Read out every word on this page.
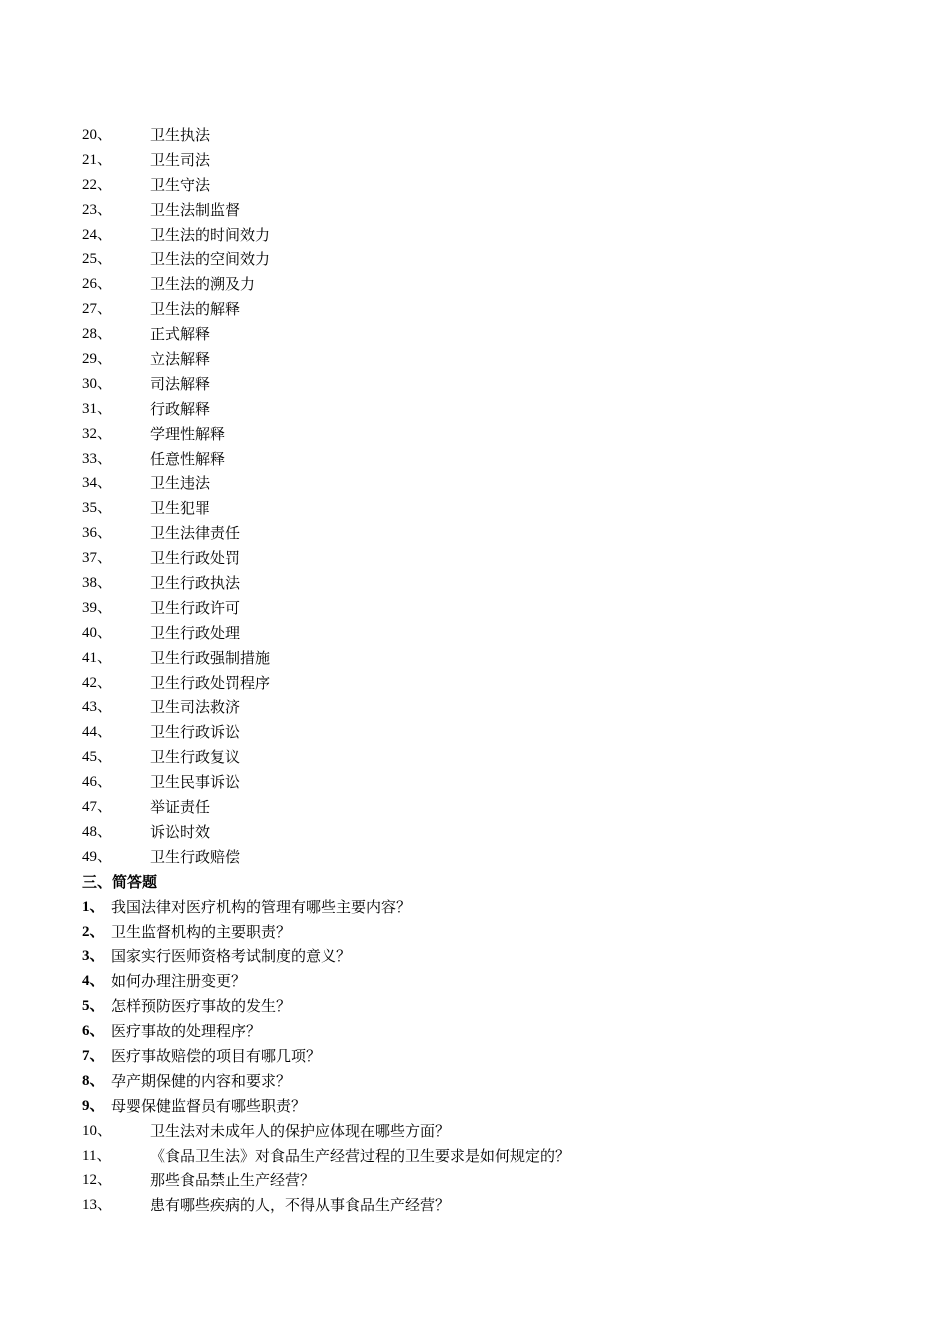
20、	卫生执法
21、	卫生司法
22、	卫生守法
23、	卫生法制监督
24、	卫生法的时间效力
25、	卫生法的空间效力
26、	卫生法的溯及力
27、	卫生法的解释
28、	正式解释
29、	立法解释
30、	司法解释
31、	行政解释
32、	学理性解释
33、	任意性解释
34、	卫生违法
35、	卫生犯罪
36、	卫生法律责任
37、	卫生行政处罚
38、	卫生行政执法
39、	卫生行政许可
40、	卫生行政处理
41、	卫生行政强制措施
42、	卫生行政处罚程序
43、	卫生司法救济
44、	卫生行政诉讼
45、	卫生行政复议
46、	卫生民事诉讼
47、	举证责任
48、	诉讼时效
49、	卫生行政赔偿
三、简答题
1、 我国法律对医疗机构的管理有哪些主要内容？
2、 卫生监督机构的主要职责？
3、 国家实行医师资格考试制度的意义？
4、 如何办理注册变更？
5、 怎样预防医疗事故的发生？
6、 医疗事故的处理程序？
7、 医疗事故赔偿的项目有哪几项？
8、 孕产期保健的内容和要求？
9、 母婴保健监督员有哪些职责？
10、	卫生法对未成年人的保护应体现在哪些方面？
11、	《食品卫生法》对食品生产经营过程的卫生要求是如何规定的？
12、	那些食品禁止生产经营？
13、	患有哪些疾病的人，不得从事食品生产经营？
